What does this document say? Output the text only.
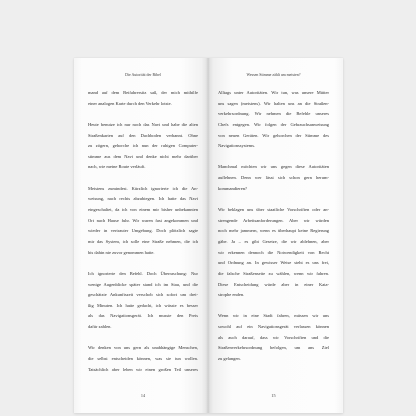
Die Autorität der Bibel
mand auf dem Beifahrersitz saß, der mich mithilfe
einer analogen Karte durch den Verkehr lotste.
Heute benutze ich nur noch das Navi und habe die alten
Straßenkarten auf den Dachboden verbannt. Ohne
zu zögern, gehorche ich nun der ruhigen Computer-
stimme aus dem Navi und denke nicht mehr darüber
nach, wie meine Route verläuft.
Meistens zumindest. Kürzlich ignorierte ich die An-
weisung, nach rechts abzubiegen. Ich hatte das Navi
eingeschaltet, da ich von einem mir bisher unbekannten
Ort nach Hause fuhr. Wir waren fast angekommen und
wieder in vertrauter Umgebung. Doch plötzlich sagte
mir das System, ich solle eine Straße nehmen, die ich
bis dahin nie zuvor genommen hatte.
Ich ignorierte den Befehl. Doch Überraschung: Nur
wenige Augenblicke später stand ich im Stau, und die
geschätzte Ankunftszeit verschob sich sofort um drei-
ßig Minuten. Ich hatte gedacht, ich wüsste es besser
als das Navigationsgerät. Ich musste den Preis
dafür zahlen.
Wir denken von uns gern als unabhängige Menschen,
die selbst entscheiden können, was sie tun wollen.
Tatsächlich aber leben wir einen großen Teil unseres
14
Wessen Stimme zählt am meisten?
Alltags unter Autoritäten. Wir tun, was unsere Mütter
uns sagen (meistens). Wir halten uns an die Straßen-
verkehrsordnung. Wir nehmen die Befehle unseres
Chefs entgegen. Wir folgen der Gebrauchsanweisung
von neuen Geräten. Wir gehorchen der Stimme des
Navigationssystems.
Manchmal möchten wir uns gegen diese Autoritäten
auflehnen. Denn wer lässt sich schon gern herum-
kommandieren?
Wir beklagen uns über staatliche Vorschriften oder an-
strengende Arbeitsanforderungen. Aber wir würden
noch mehr jammern, wenn es überhaupt keine Regierung
gäbe. Ja – es gibt Gesetze, die wir ablehnen, aber
wir erkennen dennoch die Notwendigkeit von Recht
und Ordnung an. In gewisser Weise steht es uns frei,
die falsche Straßenseite zu wählen, wenn wir fahren.
Diese Entscheidung würde aber in einer Kata-
strophe enden.
Wenn wir in eine Stadt fahren, müssen wir uns
sowohl auf ein Navigationsgerät verlassen können
als auch darauf, dass wir Vorschriften und die
Straßenverkehrsordnung befolgen, um ans Ziel
zu gelangen.
15
